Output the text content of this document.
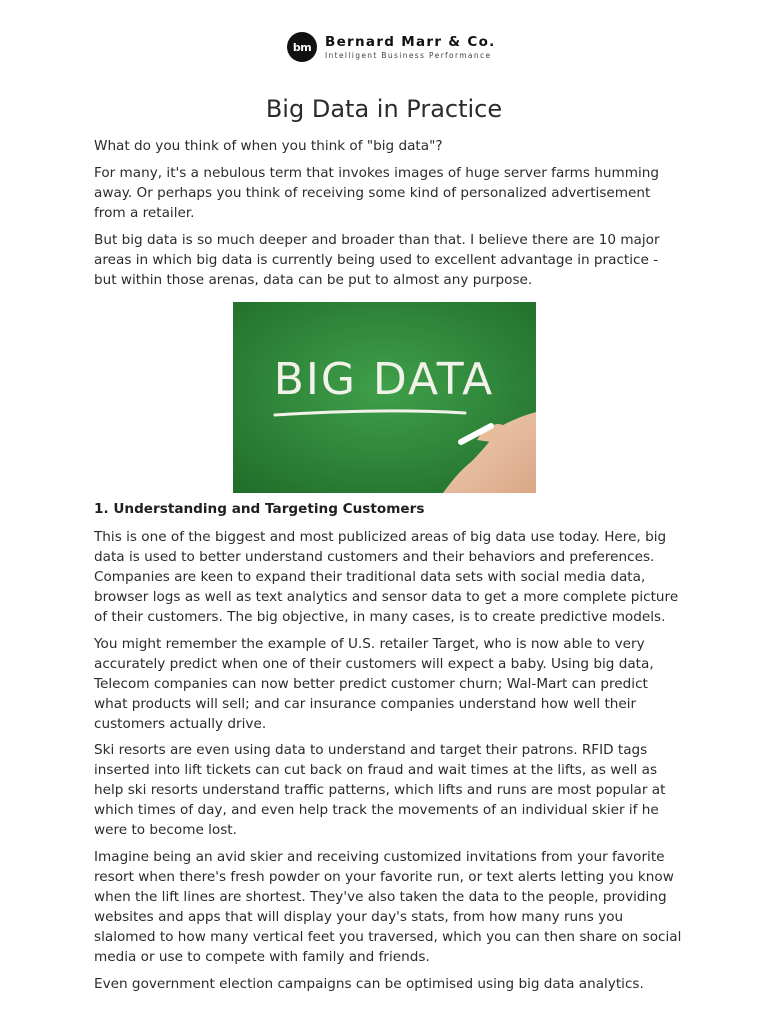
bm	Bernard Marr & Co.
Intelligent Business Performance
Big Data in Practice

What do you think of when you think of "big data"?

For many, it's a nebulous term that invokes images of huge server farms humming away. Or perhaps you think of receiving some kind of personalized advertisement from a retailer.

But big data is so much deeper and broader than that. I believe there are 10 major areas in which big data is currently being used to excellent advantage in practice - but within those arenas, data can be put to almost any purpose.

BIG DATA
1. Understanding and Targeting Customers

This is one of the biggest and most publicized areas of big data use today. Here, big data is used to better understand customers and their behaviors and preferences. Companies are keen to expand their traditional data sets with social media data, browser logs as well as text analytics and sensor data to get a more complete picture of their customers. The big objective, in many cases, is to create predictive models.

You might remember the example of U.S. retailer Target, who is now able to very accurately predict when one of their customers will expect a baby. Using big data, Telecom companies can now better predict customer churn; Wal-Mart can predict what products will sell; and car insurance companies understand how well their customers actually drive.

Ski resorts are even using data to understand and target their patrons. RFID tags inserted into lift tickets can cut back on fraud and wait times at the lifts, as well as help ski resorts understand traffic patterns, which lifts and runs are most popular at which times of day, and even help track the movements of an individual skier if he were to become lost.

Imagine being an avid skier and receiving customized invitations from your favorite resort when there's fresh powder on your favorite run, or text alerts letting you know when the lift lines are shortest. They've also taken the data to the people, providing websites and apps that will display your day's stats, from how many runs you slalomed to how many vertical feet you traversed, which you can then share on social media or use to compete with family and friends.

Even government election campaigns can be optimised using big data analytics.
